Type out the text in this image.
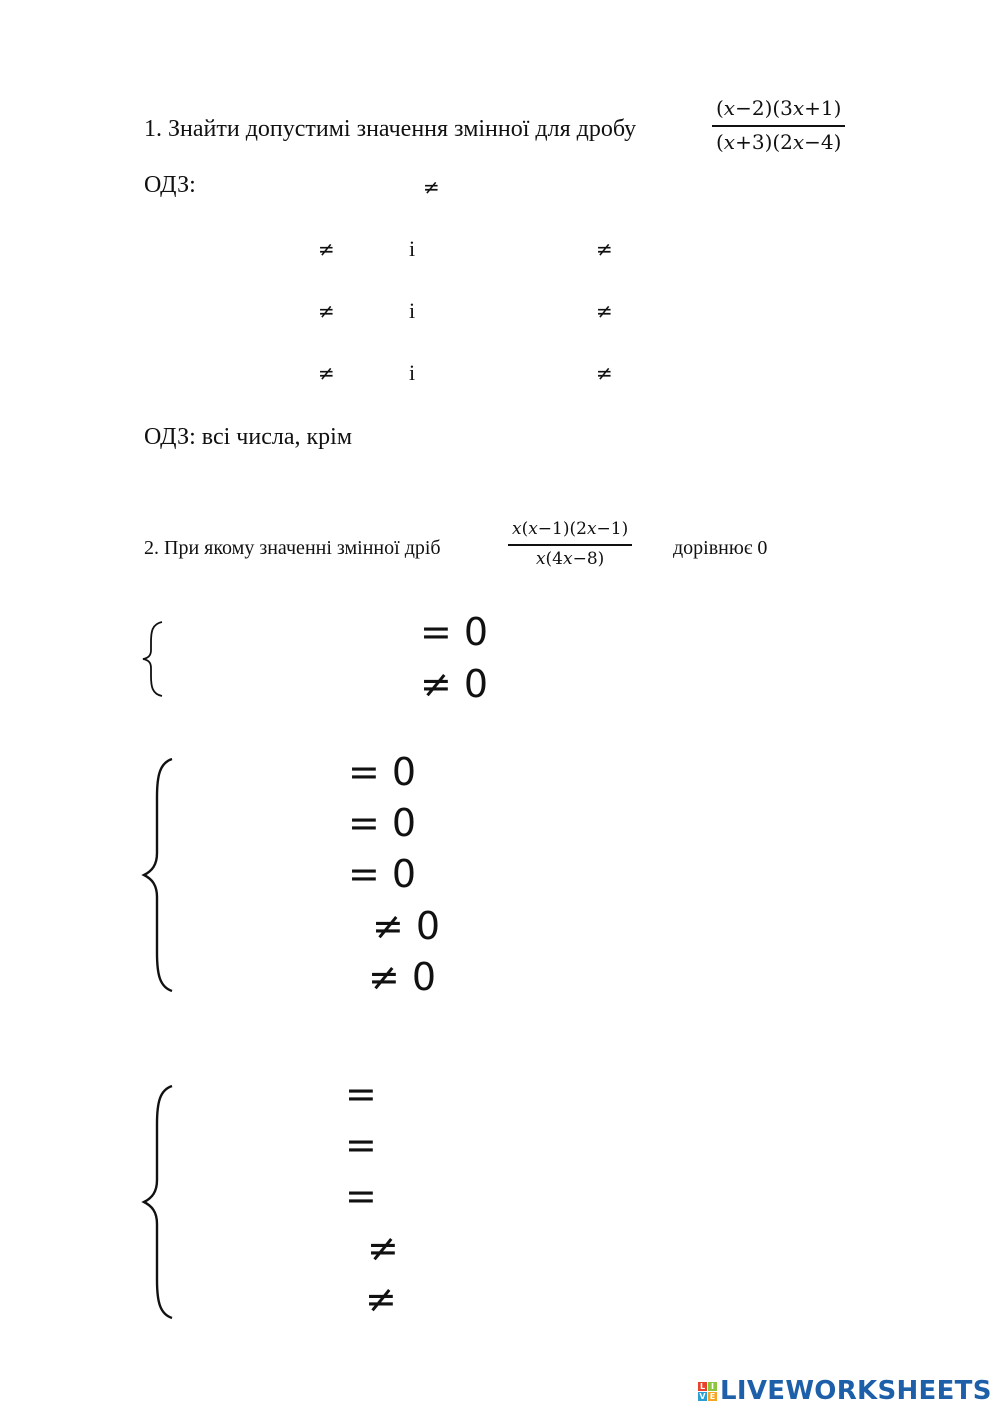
1. Знайти допустимі значення змінної для дробу
(𝑥−2)(3𝑥+1)
(𝑥+3)(2𝑥−4)
ОДЗ:	≠
≠	і	≠
≠	і	≠
≠	і	≠
ОДЗ: всі числа, крім
2. При якому значенні змінної дріб
𝑥(𝑥−1)(2𝑥−1)
𝑥(4𝑥−8)	дорівнює 0
= 0
≠ 0
= 0
= 0
= 0
≠ 0
≠ 0
=
=
=
≠
≠
L I
V E LIVEWORKSHEETS
